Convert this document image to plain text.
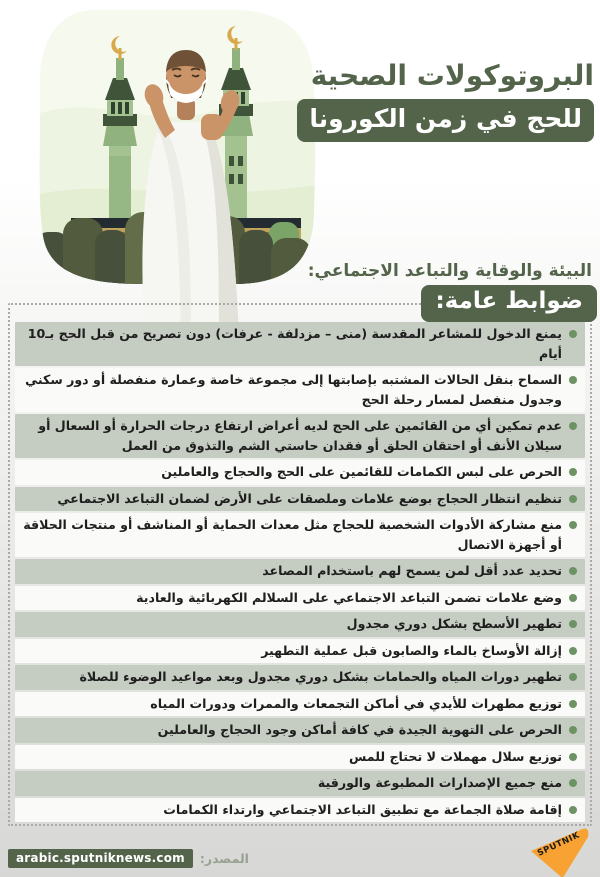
البروتوكولات الصحية
للحج في زمن الكورونا
البيئة والوقاية والتباعد الاجتماعي:
ضوابط عامة:
يمنع الدخول للمشاعر المقدسة (منى – مزدلفة - عرفات) دون تصريح من قبل الحج بـ10 أيام
السماح بنقل الحالات المشتبه بإصابتها إلى مجموعة خاصة وعمارة منفصلة أو دور سكني وجدول منفصل لمسار رحلة الحج
عدم تمكين أي من القائمين على الحج لديه أعراض ارتفاع درجات الحرارة أو السعال أو سيلان الأنف أو احتقان الحلق أو فقدان حاستي الشم والتذوق من العمل
الحرص على لبس الكمامات للقائمين على الحج والحجاج والعاملين
تنظيم انتظار الحجاج بوضع علامات وملصقات على الأرض لضمان التباعد الاجتماعي
منع مشاركة الأدوات الشخصية للحجاج مثل معدات الحماية أو المناشف أو منتجات الحلاقة أو أجهزة الاتصال
تحديد عدد أقل لمن يسمح لهم باستخدام المصاعد
وضع علامات تضمن التباعد الاجتماعي على السلالم الكهربائية والعادية
تطهير الأسطح بشكل دوري مجدول
إزالة الأوساخ بالماء والصابون قبل عملية التطهير
تطهير دورات المياه والحمامات بشكل دوري مجدول وبعد مواعيد الوضوء للصلاة
توزيع مطهرات للأيدي في أماكن التجمعات والممرات ودورات المياه
الحرص على التهوية الجيدة في كافة أماكن وجود الحجاج والعاملين
توزيع سلال مهملات لا تحتاج للمس
منع جميع الإصدارات المطبوعة والورقية
إقامة صلاة الجماعة مع تطبيق التباعد الاجتماعي وارتداء الكمامات
arabic.sputniknews.com	المصدر:	SPUTNIK
